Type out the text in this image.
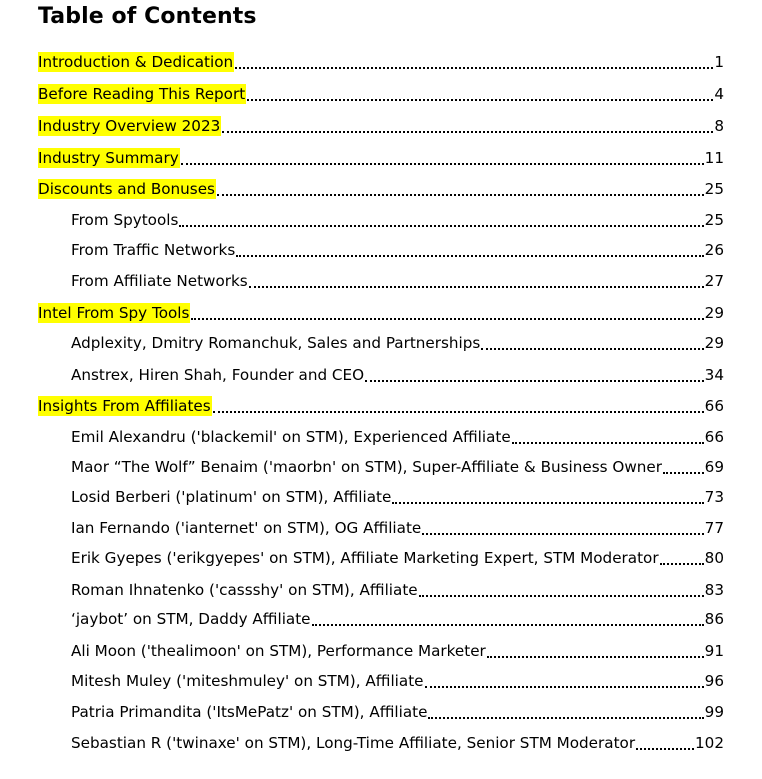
Table of Contents
Introduction & Dedication	1
Before Reading This Report	4
Industry Overview 2023	8
Industry Summary	11
Discounts and Bonuses	25
From Spytools	25
From Traffic Networks	26
From Affiliate Networks	27
Intel From Spy Tools	29
Adplexity, Dmitry Romanchuk, Sales and Partnerships	29
Anstrex, Hiren Shah, Founder and CEO	34
Insights From Affiliates	66
Emil Alexandru ('blackemil' on STM), Experienced Affiliate	66
Maor “The Wolf” Benaim ('maorbn' on STM), Super-Affiliate & Business Owner	69
Losid Berberi ('platinum' on STM), Affiliate	73
Ian Fernando ('ianternet' on STM), OG Affiliate	77
Erik Gyepes ('erikgyepes' on STM), Affiliate Marketing Expert, STM Moderator	80
Roman Ihnatenko ('cassshy' on STM), Affiliate	83
‘jaybot’ on STM, Daddy Affiliate	86
Ali Moon ('thealimoon' on STM), Performance Marketer	91
Mitesh Muley ('miteshmuley' on STM), Affiliate	96
Patria Primandita ('ItsMePatz' on STM), Affiliate	99
Sebastian R ('twinaxe' on STM), Long-Time Affiliate, Senior STM Moderator	102
